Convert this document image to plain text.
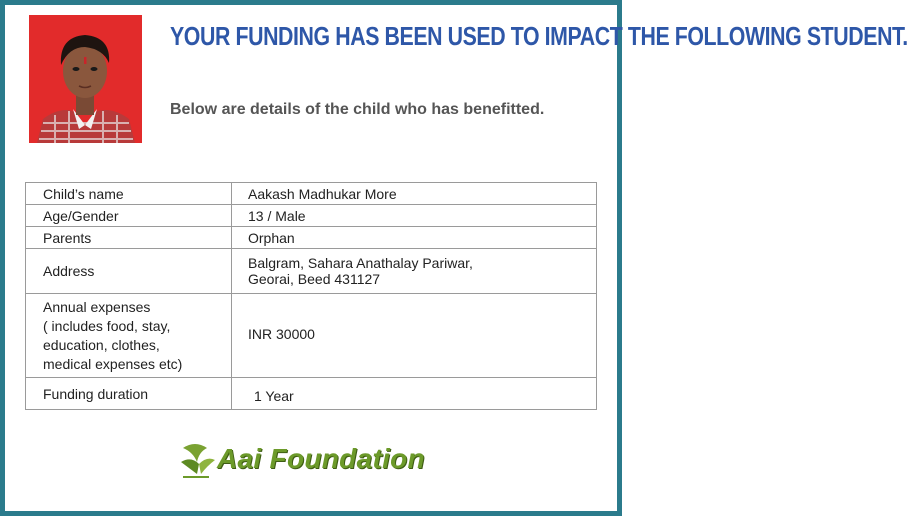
YOUR FUNDING HAS BEEN USED TO IMPACT THE FOLLOWING STUDENT.
Below are details of the child who has benefitted.
Child’s name	Aakash Madhukar More
Age/Gender	13 / Male
Parents	Orphan
Address	Balgram, Sahara Anathalay Pariwar,
Georai, Beed 431127
Annual expenses
( includes food, stay,
education, clothes,
medical expenses etc)	INR 30000
Funding duration	1 Year
Aai Foundation
